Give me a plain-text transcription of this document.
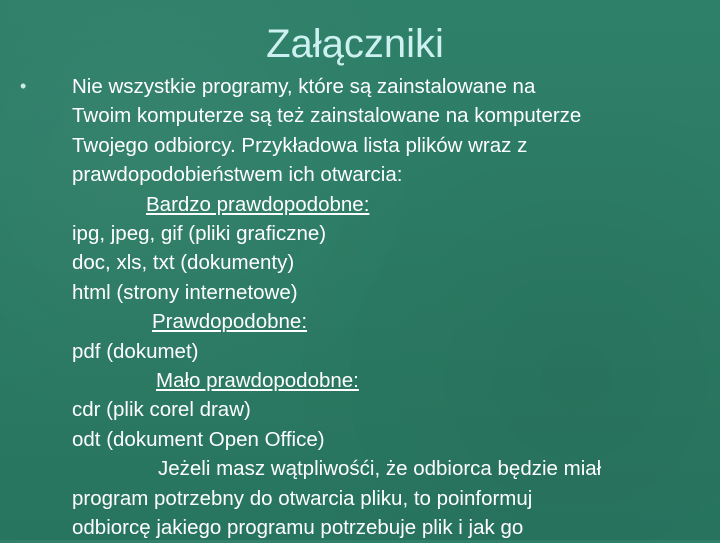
Załączniki
•	Nie wszystkie programy, które są zainstalowane na
Twoim komputerze są też zainstalowane na komputerze
Twojego odbiorcy. Przykładowa lista plików wraz z
prawdopodobieństwem ich otwarcia:
Bardzo prawdopodobne:
ipg, jpeg, gif (pliki graficzne)
doc, xls, txt (dokumenty)
html (strony internetowe)
Prawdopodobne:
pdf (dokumet)
Mało prawdopodobne:
cdr (plik corel draw)
odt (dokument Open Office)
Jeżeli masz wątpliwośći, że odbiorca będzie miał
program potrzebny do otwarcia pliku, to poinformuj
odbiorcę jakiego programu potrzebuje plik i jak go
